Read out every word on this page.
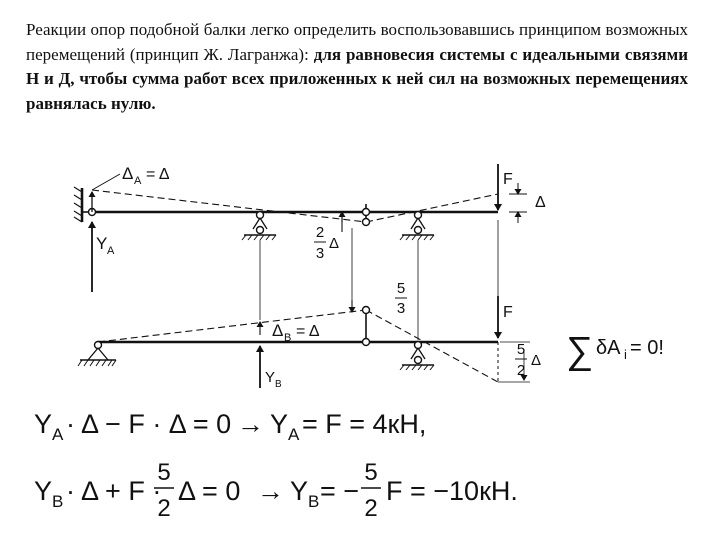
Реакции опор подобной балки легко определить воспользовавшись принципом возможных перемещений (принцип Ж. Лагранжа): для равновесия системы с идеальными связями Н и Д, чтобы сумма работ всех приложенных к ней сил на возможных перемещениях равнялась нулю.
Δ A = Δ
Y A
2
3
Δ
F
Δ
5
3	F
Δ B = Δ
Y B
5
2
Δ ∑ δA i = 0!
Y A · Δ − F · Δ = 0 → Y A = F = 4кН,
Y B · Δ + F ·
5
2
Δ = 0 → Y B = −
5
2
F = −10кН.
